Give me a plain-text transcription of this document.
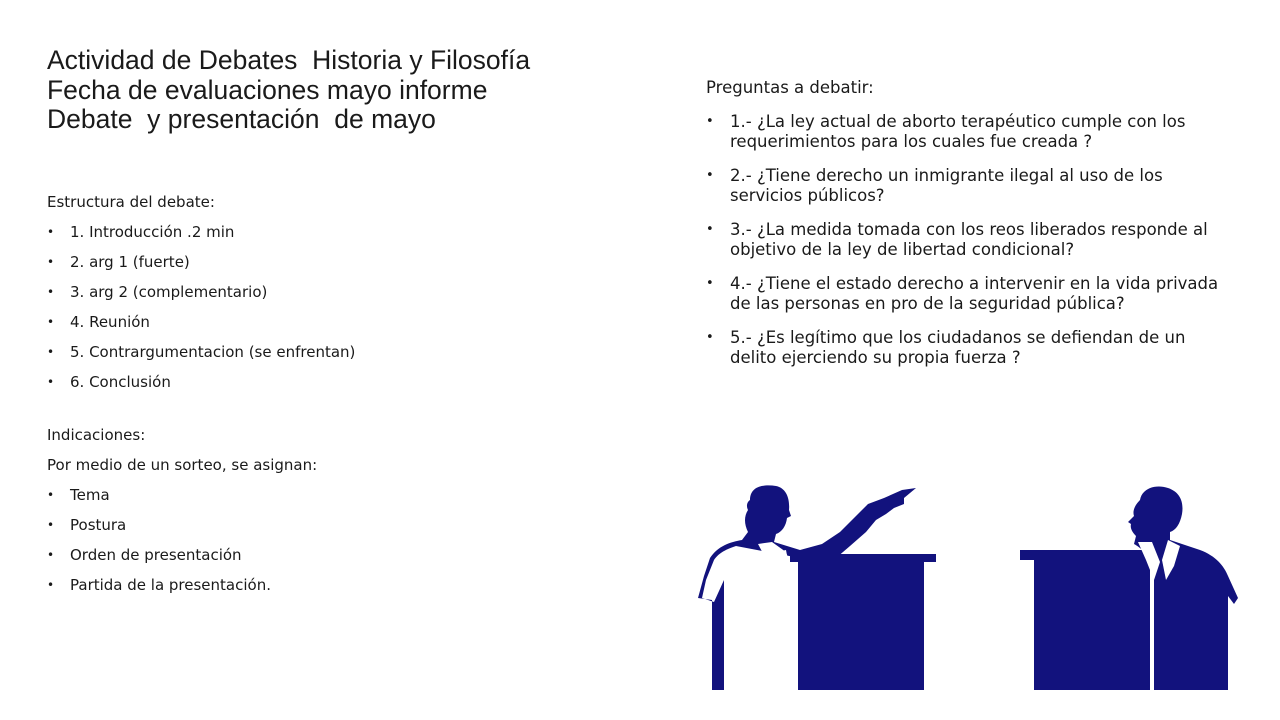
Actividad de Debates  Historia y Filosofía
Fecha de evaluaciones mayo informe
Debate  y presentación  de mayo
Estructura del debate:
• 1. Introducción .2 min
• 2. arg 1 (fuerte)
• 3. arg 2 (complementario)
• 4. Reunión
• 5. Contrargumentacion (se enfrentan)
• 6. Conclusión
Indicaciones:
Por medio de un sorteo, se asignan:
• Tema
• Postura
• Orden de presentación
• Partida de la presentación.
Preguntas a debatir:
• 1.- ¿La ley actual de aborto terapéutico cumple con los requerimientos para los cuales fue creada ?
• 2.- ¿Tiene derecho un inmigrante ilegal al uso de los servicios públicos?
• 3.- ¿La medida tomada con los reos liberados responde al objetivo de la ley de libertad condicional?
• 4.- ¿Tiene el estado derecho a intervenir en la vida privada de las personas en pro de la seguridad pública?
• 5.- ¿Es legítimo que los ciudadanos se defiendan de un delito ejerciendo su propia fuerza ?
